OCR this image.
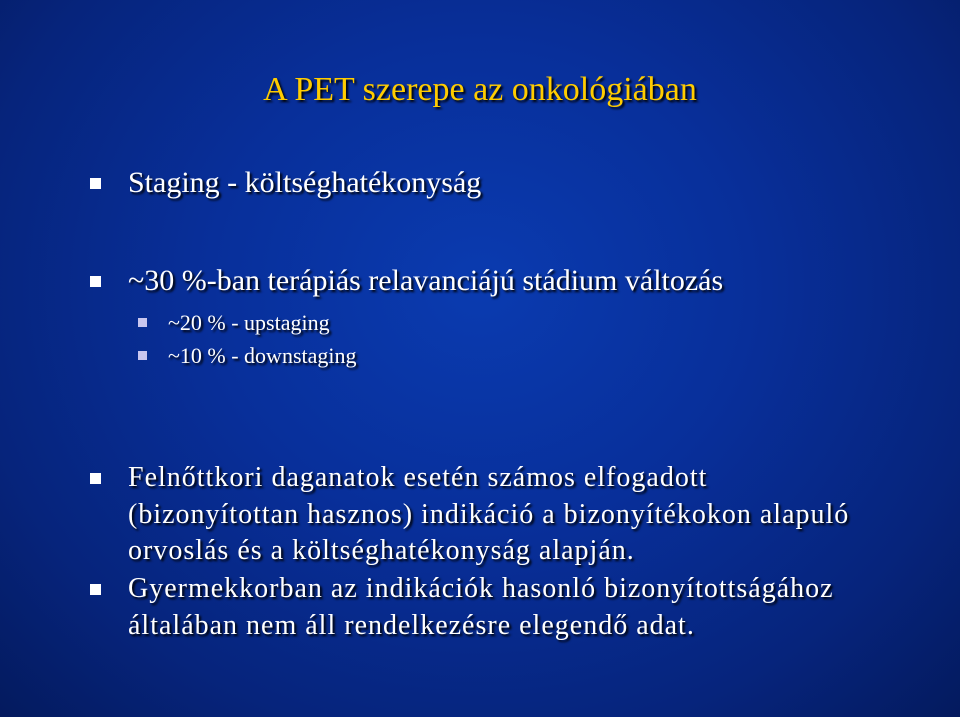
A PET szerepe az onkológiában
Staging - költséghatékonyság
~30 %-ban terápiás relavanciájú stádium változás
~20 % - upstaging
~10 % - downstaging
Felnőttkori daganatok esetén számos elfogadott
(bizonyítottan hasznos) indikáció a bizonyítékokon alapuló
orvoslás és a költséghatékonyság alapján.
Gyermekkorban az indikációk hasonló bizonyítottságához
általában nem áll rendelkezésre elegendő adat.
